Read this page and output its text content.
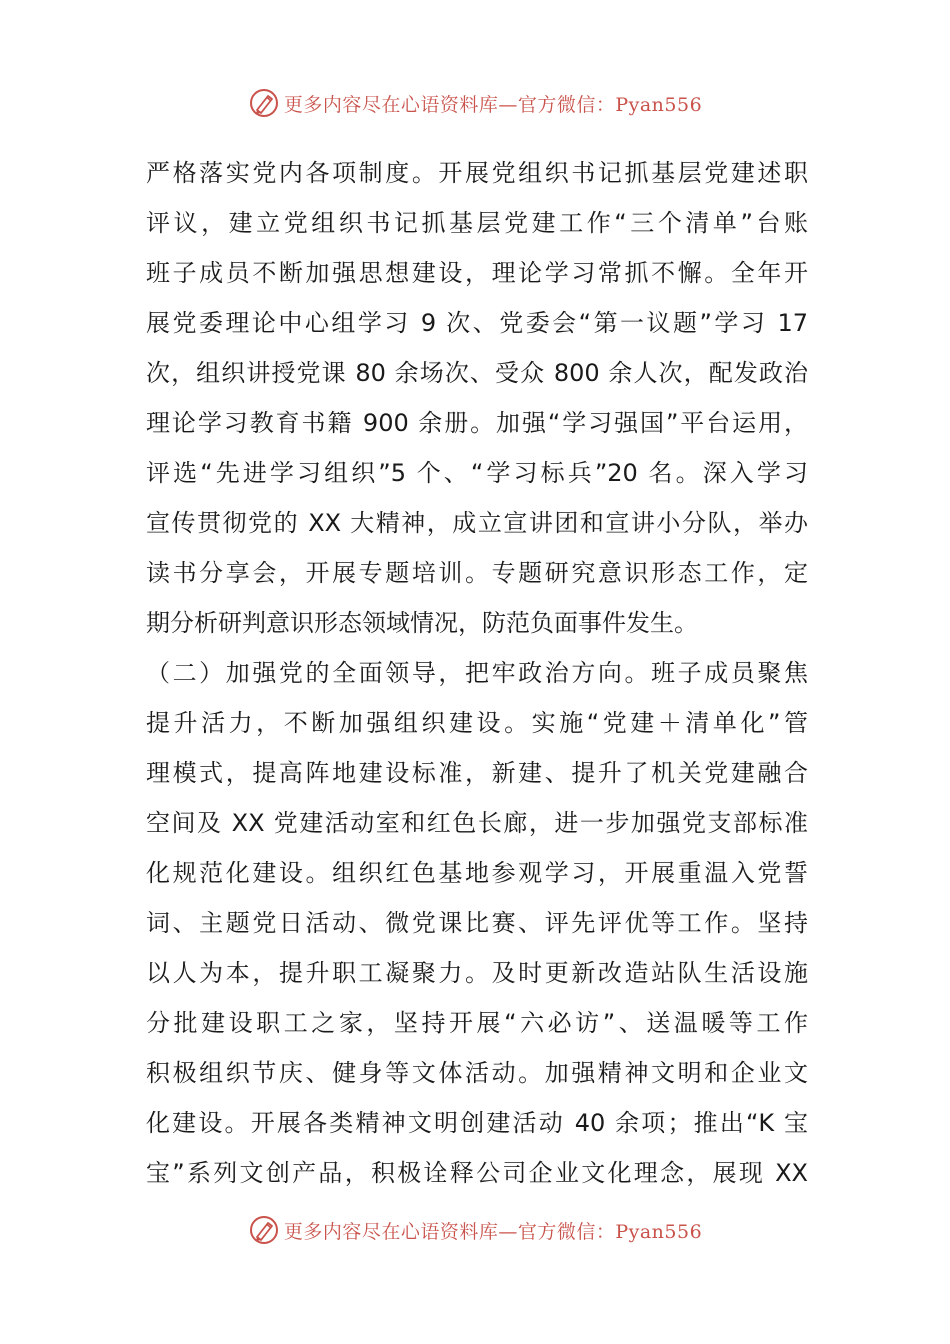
更多内容尽在心语资料库—官方微信：Pyan556
严格落实党内各项制度。开展党组织书记抓基层党建述职
评议，建立党组织书记抓基层党建工作“三个清单”台账
班子成员不断加强思想建设，理论学习常抓不懈。全年开
展党委理论中心组学习 9 次、党委会“第一议题”学习 17
次，组织讲授党课 80 余场次、受众 800 余人次，配发政治
理论学习教育书籍 900 余册。加强“学习强国”平台运用，
评选“先进学习组织”5 个、“学习标兵”20 名。深入学习
宣传贯彻党的 XX 大精神，成立宣讲团和宣讲小分队，举办
读书分享会，开展专题培训。专题研究意识形态工作，定
期分析研判意识形态领域情况，防范负面事件发生。
（二）加强党的全面领导，把牢政治方向。班子成员聚焦
提升活力，不断加强组织建设。实施“党建＋清单化”管
理模式，提高阵地建设标准，新建、提升了机关党建融合
空间及 XX 党建活动室和红色长廊，进一步加强党支部标准
化规范化建设。组织红色基地参观学习，开展重温入党誓
词、主题党日活动、微党课比赛、评先评优等工作。坚持
以人为本，提升职工凝聚力。及时更新改造站队生活设施
分批建设职工之家，坚持开展“六必访”、送温暖等工作
积极组织节庆、健身等文体活动。加强精神文明和企业文
化建设。开展各类精神文明创建活动 40 余项；推出“K 宝
宝”系列文创产品，积极诠释公司企业文化理念，展现 XX
更多内容尽在心语资料库—官方微信：Pyan556
